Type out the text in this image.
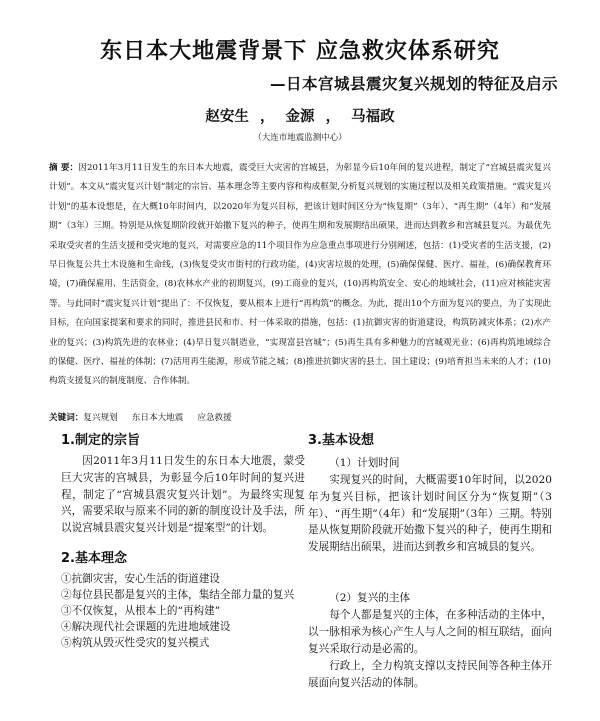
东日本大地震背景下 应急救灾体系研究
—日本宫城县震灾复兴规划的特征及启示
赵安生 ， 金源 ， 马福政
（大连市地震监测中心）

摘 要：因2011年3月11日发生的东日本大地震，震受巨大灾害的宫城县，为彰显今后10年间的复兴进程，制定了“宫城县震灾复兴计划”。本文从“震灾复兴计划”制定的宗旨、基本理念等主要内容和构成框架,分析复兴规划的实施过程以及相关政策措施。“震灾复兴计划”的基本设想是，在大概10年时间内，以2020年为复兴目标，把该计划时间区分为“恢复期”（3年）、“再生期”（4年）和“发展期”（3年）三期。特别是从恢复期阶段就开始撒下复兴的种子，使再生期和发展期结出硕果，进而达到教乡和宫城县复兴。为最优先采取受灾者的生活支援和受灾地的复兴，对需要应急的11个项目作为应急重点事项进行分别阐述，包括：(1)受灾者的生活支援，(2)早日恢复公共土木设施和生命线，(3)恢复受灾市街村的行政功能，(4)灾害垃圾的处理，(5)确保保健、医疗、福祉，(6)确保教育环境，(7)确保雇用、生活资金，(8)农林水产业的初期复兴，(9)工商业的复兴，(10)再构筑安全、安心的地域社会，(11)应对核能灾害等。与此同时“震灾复兴计划”提出了：不仅恢复，要从根本上进行“再构筑”的概念。为此，提出10个方面为复兴的要点，为了实现此目标，在向国家提案和要求的同时，推进县民和市、村一体采取的措施，包括：(1)抗御灾害的街道建设，构筑防减灾体系；(2)水产业的复兴；(3)构筑先进的农林业；(4)早日复兴制造业，“实现富县宫城”；(5)再生具有多种魅力的宫城观光业；(6)再构筑地域综合的保健、医疗、福祉的体制；(7)活用再生能源，形成节能之城；(8)推进抗御灾害的县土、国土建设；(9)培育担当未来的人才；(10)构筑支援复兴的制度制度、合作体制。

关键词：复兴规划 东日本大地震 应急救援

1.制定的宗旨

因2011年3月11日发生的东日本大地震，蒙受巨大灾害的宫城县，为彰显今后10年时间的复兴进程，制定了“宫城县震灾复兴计划”。为最终实现复兴，需要采取与原来不同的新的制度设计及手法，所以说宫城县震灾复兴计划是“提案型”的计划。

2.基本理念
①抗御灾害，安心生活的街道建设
②每位县民都是复兴的主体，集结全部力量的复兴
③不仅恢复，从根本上的“再构建”
④解决现代社会课题的先进地域建设
⑤构筑从毁灭性受灾的复兴模式
3.基本设想

（1）计划时间

实现复兴的时间，大概需要10年时间，以2020年为复兴目标，把该计划时间区分为“恢复期”（3年）、“再生期”（4年）和“发展期”（3年）三期。特别是从恢复期阶段就开始撒下复兴的种子，使再生期和发展期结出硕果，进而达到教乡和宫城县的复兴。

（2）复兴的主体

每个人都是复兴的主体，在多种活动的主体中，以一脉相承为核心产生人与人之间的相互联结，面向复兴采取行动是必需的。

行政上，全力构筑支撑以支持民间等各种主体开展面向复兴活动的体制。
